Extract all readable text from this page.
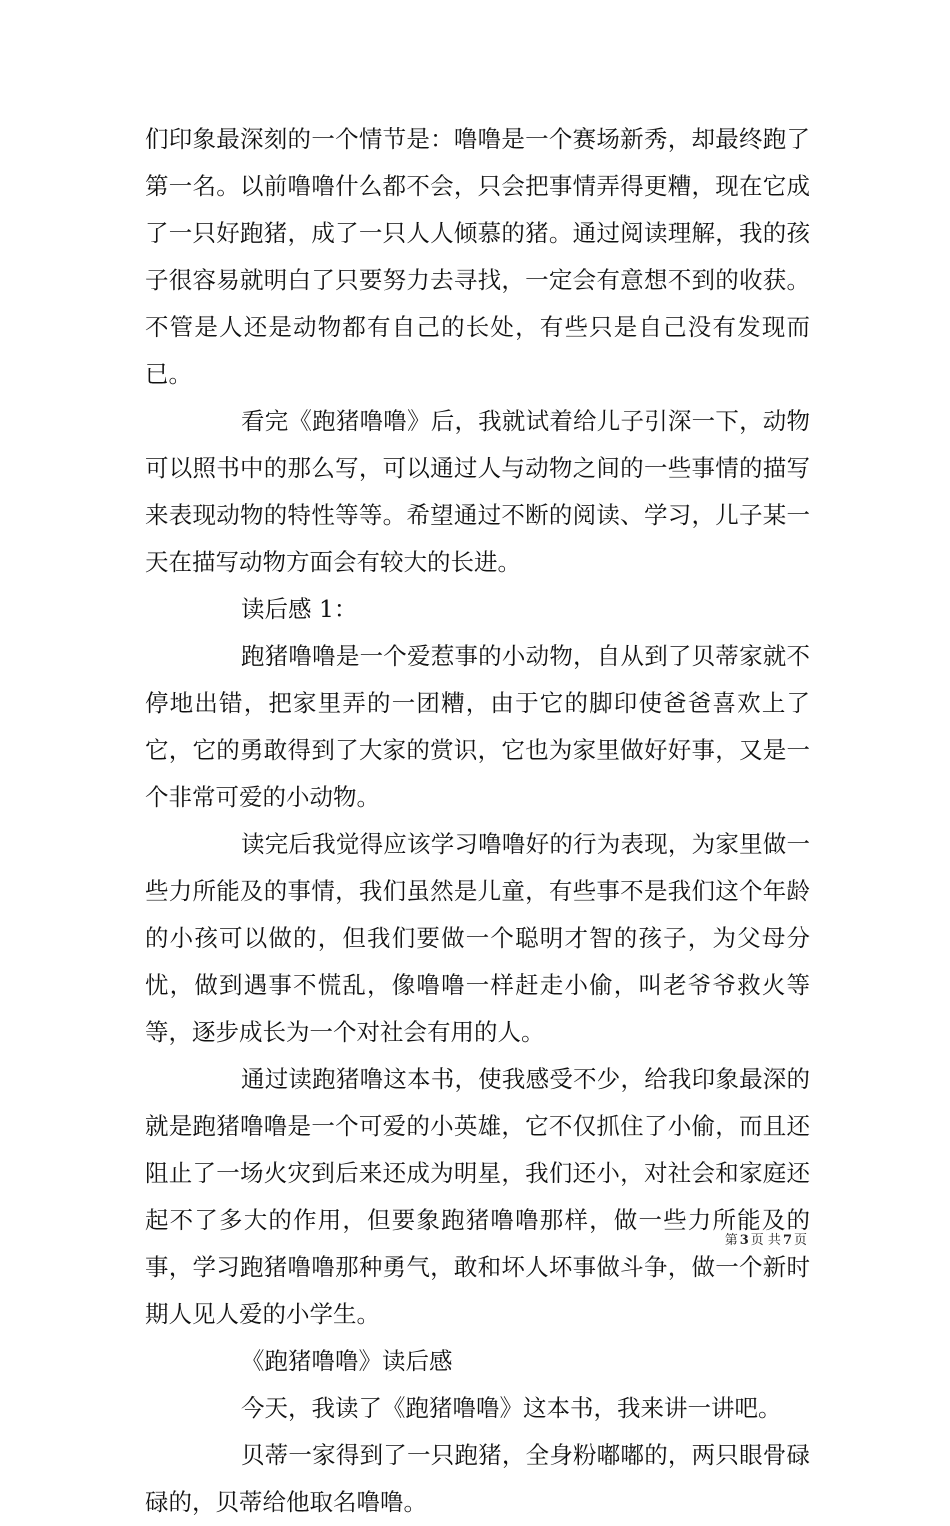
们印象最深刻的一个情节是：噜噜是一个赛场新秀，却最终跑了第一名。以前噜噜什么都不会，只会把事情弄得更糟，现在它成了一只好跑猪，成了一只人人倾慕的猪。通过阅读理解，我的孩子很容易就明白了只要努力去寻找，一定会有意想不到的收获。不管是人还是动物都有自己的长处，有些只是自己没有发现而已。

看完《跑猪噜噜》后，我就试着给儿子引深一下，动物可以照书中的那么写，可以通过人与动物之间的一些事情的描写来表现动物的特性等等。希望通过不断的阅读、学习，儿子某一天在描写动物方面会有较大的长进。

读后感 1：

跑猪噜噜是一个爱惹事的小动物，自从到了贝蒂家就不停地出错，把家里弄的一团糟，由于它的脚印使爸爸喜欢上了它，它的勇敢得到了大家的赏识，它也为家里做好好事，又是一个非常可爱的小动物。

读完后我觉得应该学习噜噜好的行为表现，为家里做一些力所能及的事情，我们虽然是儿童，有些事不是我们这个年龄的小孩可以做的，但我们要做一个聪明才智的孩子，为父母分忧，做到遇事不慌乱，像噜噜一样赶走小偷，叫老爷爷救火等等，逐步成长为一个对社会有用的人。

通过读跑猪噜这本书，使我感受不少，给我印象最深的就是跑猪噜噜是一个可爱的小英雄，它不仅抓住了小偷，而且还阻止了一场火灾到后来还成为明星，我们还小，对社会和家庭还起不了多大的作用，但要象跑猪噜噜那样，做一些力所能及的事，学习跑猪噜噜那种勇气，敢和坏人坏事做斗争，做一个新时期人见人爱的小学生。

《跑猪噜噜》读后感

今天，我读了《跑猪噜噜》这本书，我来讲一讲吧。

贝蒂一家得到了一只跑猪，全身粉嘟嘟的，两只眼骨碌碌的，贝蒂给他取名噜噜。

第 3 页 共 7 页
